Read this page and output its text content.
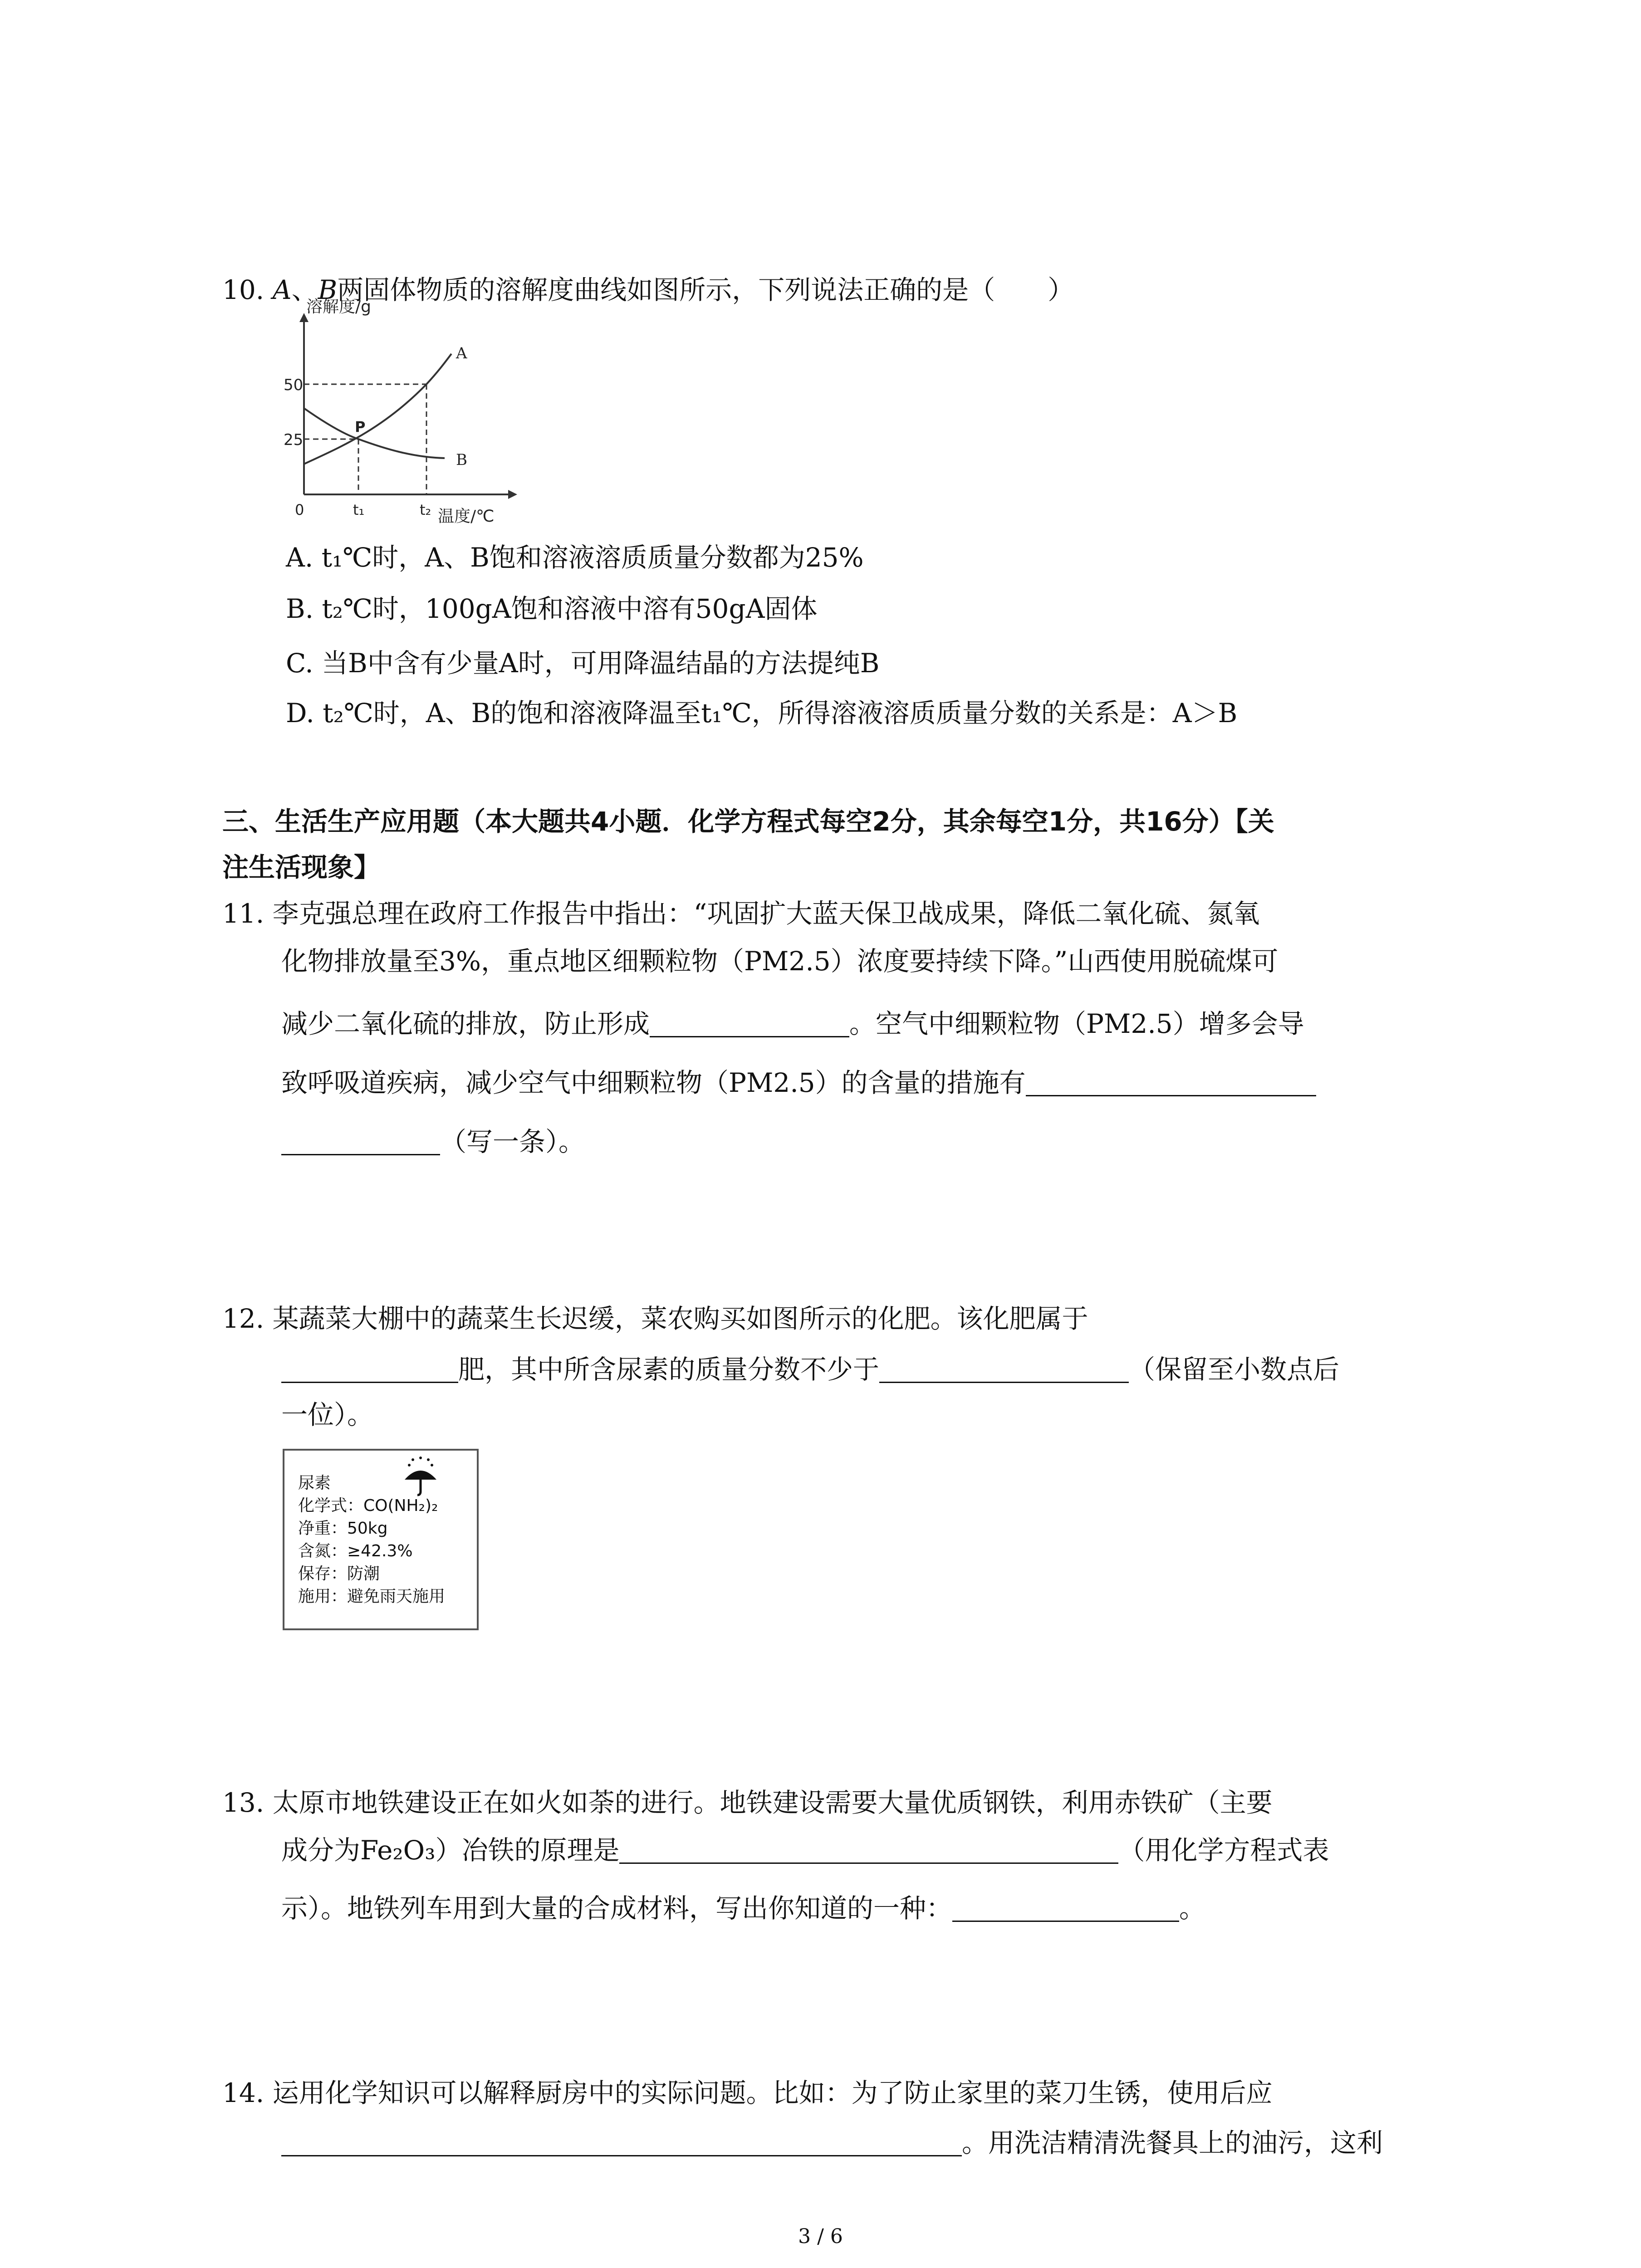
10. A、B两固体物质的溶解度曲线如图所示，下列说法正确的是（　　）
溶解度/g
50
25
0	t₁	t₂ 温度/℃
A
B
P
A. t₁℃时，A、B饱和溶液溶质质量分数都为25%
B. t₂℃时，100gA饱和溶液中溶有50gA固体
C. 当B中含有少量A时，可用降温结晶的方法提纯B
D. t₂℃时，A、B的饱和溶液降温至t₁℃，所得溶液溶质质量分数的关系是：A＞B
三、生活生产应用题（本大题共4小题．化学方程式每空2分，其余每空1分，共16分）【关
注生活现象】
11. 李克强总理在政府工作报告中指出：“巩固扩大蓝天保卫战成果，降低二氧化硫、氮氧
化物排放量至3%，重点地区细颗粒物（PM2.5）浓度要持续下降。”山西使用脱硫煤可
减少二氧化硫的排放，防止形成	。空气中细颗粒物（PM2.5）增多会导
致呼吸道疾病，减少空气中细颗粒物（PM2.5）的含量的措施有
（写一条）。
12. 某蔬菜大棚中的蔬菜生长迟缓，菜农购买如图所示的化肥。该化肥属于
肥，其中所含尿素的质量分数不少于	（保留至小数点后
一位）。
尿素
化学式：CO(NH₂)₂
净重：50kg
含氮：≥42.3%
保存：防潮
施用：避免雨天施用
13. 太原市地铁建设正在如火如荼的进行。地铁建设需要大量优质钢铁，利用赤铁矿（主要
成分为Fe₂O₃）冶铁的原理是	（用化学方程式表
示）。地铁列车用到大量的合成材料，写出你知道的一种：	。
14. 运用化学知识可以解释厨房中的实际问题。比如：为了防止家里的菜刀生锈，使用后应
。用洗洁精清洗餐具上的油污，这利
3 / 6
